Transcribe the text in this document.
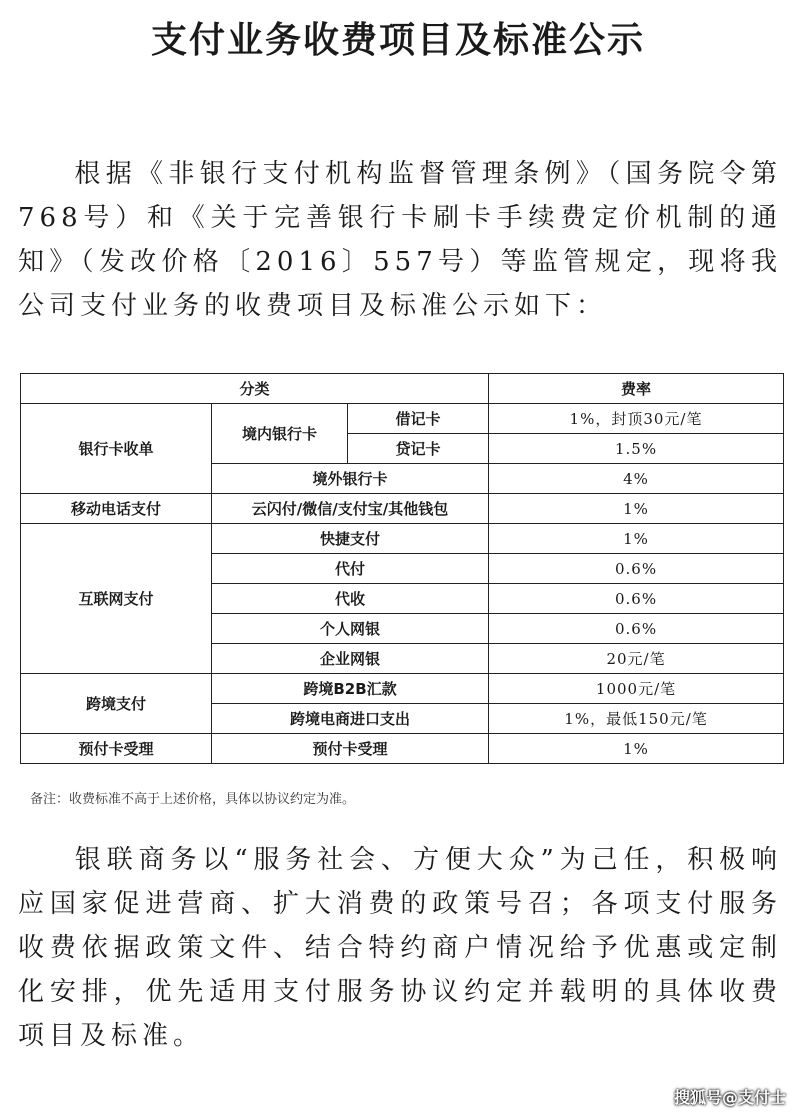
支付业务收费项目及标准公示
根据《非银行支付机构监督管理条例》（国务院令第768号）和《关于完善银行卡刷卡手续费定价机制的通知》（发改价格〔2016〕557号）等监管规定，现将我公司支付业务的收费项目及标准公示如下：
分类			费率
银行卡收单	境内银行卡	借记卡	1%，封顶30元/笔
		贷记卡	1.5%
	境外银行卡		4%
移动电话支付	云闪付/微信/支付宝/其他钱包		1%
互联网支付	快捷支付		1%
	代付		0.6%
	代收		0.6%
	个人网银		0.6%
	企业网银		20元/笔
跨境支付	跨境B2B汇款		1000元/笔
	跨境电商进口支出		1%，最低150元/笔
预付卡受理	预付卡受理		1%
备注：收费标准不高于上述价格，具体以协议约定为准。
银联商务以“服务社会、方便大众”为己任，积极响应国家促进营商、扩大消费的政策号召；各项支付服务收费依据政策文件、结合特约商户情况给予优惠或定制化安排，优先适用支付服务协议约定并载明的具体收费项目及标准。
搜狐号@支付士
